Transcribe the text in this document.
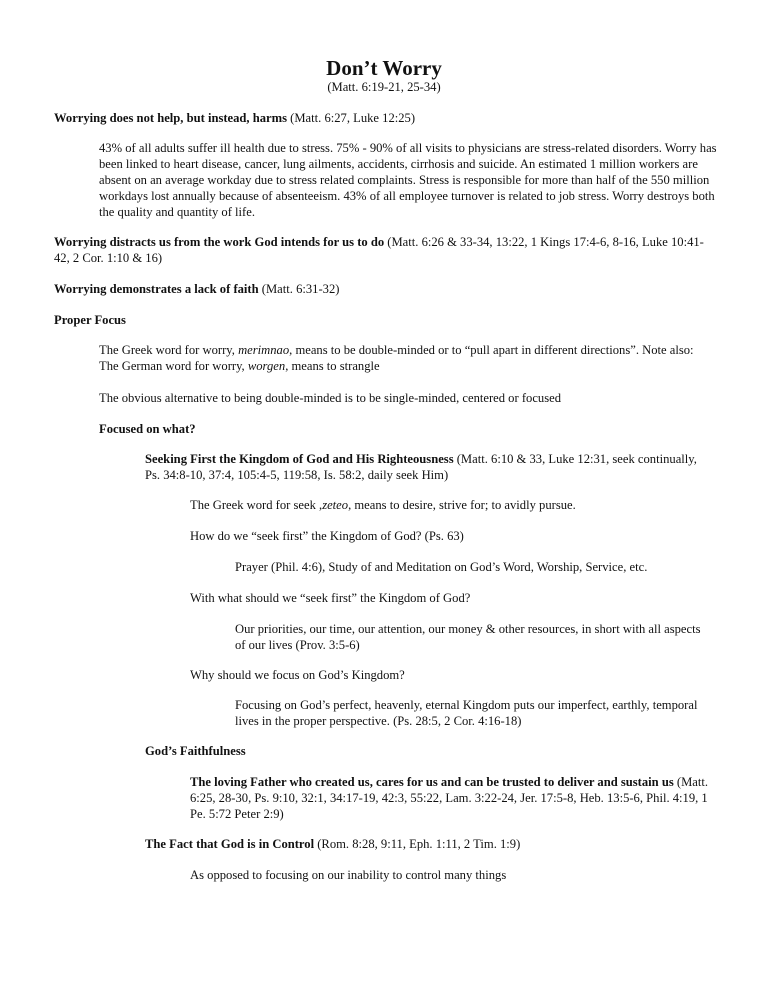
Don’t Worry
(Matt. 6:19-21, 25-34)

Worrying does not help, but instead, harms (Matt. 6:27, Luke 12:25)

43% of all adults suffer ill health due to stress. 75% - 90% of all visits to physicians are stress-related disorders. Worry has been linked to heart disease, cancer, lung ailments, accidents, cirrhosis and suicide. An estimated 1 million workers are absent on an average workday due to stress related complaints. Stress is responsible for more than half of the 550 million workdays lost annually because of absenteeism. 43% of all employee turnover is related to job stress. Worry destroys both the quality and quantity of life.

Worrying distracts us from the work God intends for us to do (Matt. 6:26 & 33-34, 13:22, 1 Kings 17:4-6, 8-16, Luke 10:41-42, 2 Cor. 1:10 & 16)

Worrying demonstrates a lack of faith (Matt. 6:31-32)

Proper Focus

The Greek word for worry, merimnao, means to be double-minded or to “pull apart in different directions”. Note also: The German word for worry, worgen, means to strangle

The obvious alternative to being double-minded is to be single-minded, centered or focused

Focused on what?

Seeking First the Kingdom of God and His Righteousness (Matt. 6:10 & 33, Luke 12:31, seek continually, Ps. 34:8-10, 37:4, 105:4-5, 119:58, Is. 58:2, daily seek Him)

The Greek word for seek ,zeteo, means to desire, strive for; to avidly pursue.

How do we “seek first” the Kingdom of God? (Ps. 63)

Prayer (Phil. 4:6), Study of and Meditation on God’s Word, Worship, Service, etc.

With what should we “seek first” the Kingdom of God?

Our priorities, our time, our attention, our money & other resources, in short with all aspects of our lives (Prov. 3:5-6)

Why should we focus on God’s Kingdom?

Focusing on God’s perfect, heavenly, eternal Kingdom puts our imperfect, earthly, temporal lives in the proper perspective. (Ps. 28:5, 2 Cor. 4:16-18)

God’s Faithfulness

The loving Father who created us, cares for us and can be trusted to deliver and sustain us (Matt. 6:25, 28-30, Ps. 9:10, 32:1, 34:17-19, 42:3, 55:22, Lam. 3:22-24, Jer. 17:5-8, Heb. 13:5-6, Phil. 4:19, 1 Pe. 5:72 Peter 2:9)

The Fact that God is in Control (Rom. 8:28, 9:11, Eph. 1:11, 2 Tim. 1:9)

As opposed to focusing on our inability to control many things
